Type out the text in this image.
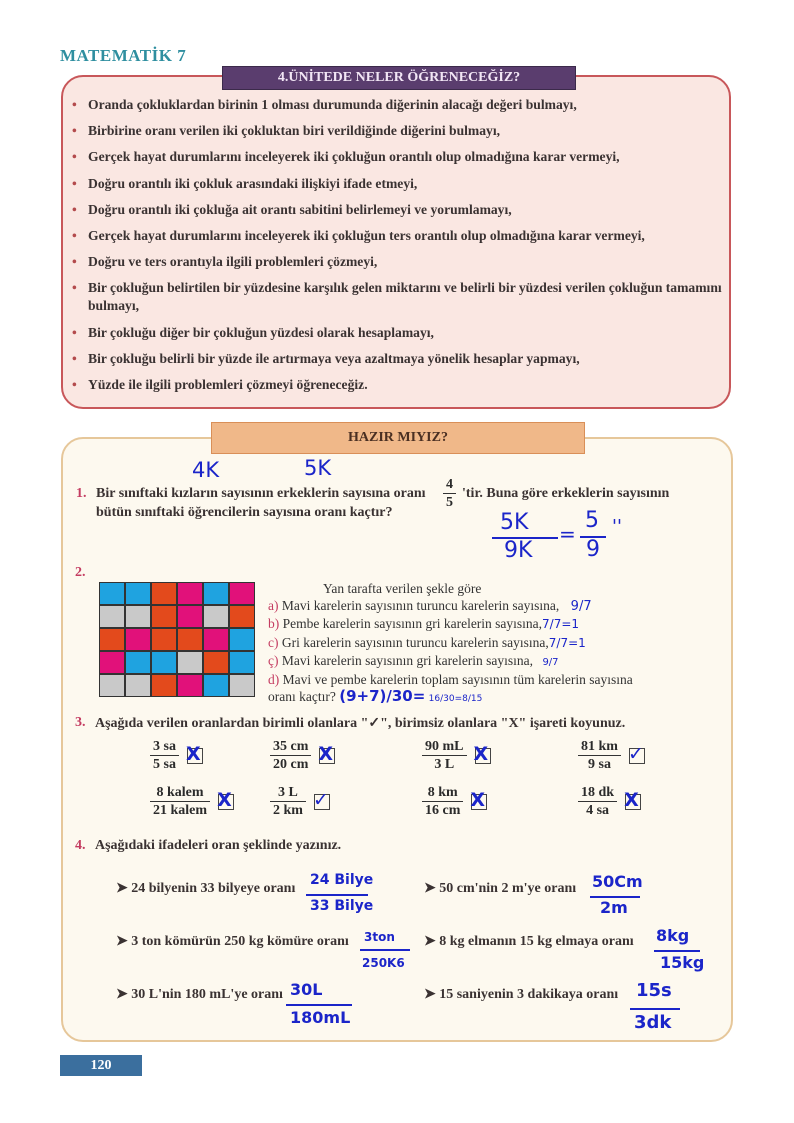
MATEMATİK 7
4.ÜNİTEDE NELER ÖĞRENECEĞİZ?
• Oranda çokluklardan birinin 1 olması durumunda diğerinin alacağı değeri bulmayı,
• Birbirine oranı verilen iki çokluktan biri verildiğinde diğerini bulmayı,
• Gerçek hayat durumlarını inceleyerek iki çokluğun orantılı olup olmadığına karar vermeyi,
• Doğru orantılı iki çokluk arasındaki ilişkiyi ifade etmeyi,
• Doğru orantılı iki çokluğa ait orantı sabitini belirlemeyi ve yorumlamayı,
• Gerçek hayat durumlarını inceleyerek iki çokluğun ters orantılı olup olmadığına karar vermeyi,
• Doğru ve ters orantıyla ilgili problemleri çözmeyi,
• Bir çokluğun belirtilen bir yüzdesine karşılık gelen miktarını ve belirli bir yüzdesi verilen çokluğun tamamını bulmayı,
• Bir çokluğu diğer bir çokluğun yüzdesi olarak hesaplamayı,
• Bir çokluğu belirli bir yüzde ile artırmaya veya azaltmaya yönelik hesaplar yapmayı,
• Yüzde ile ilgili problemleri çözmeyi öğreneceğiz.
HAZIR MIYIZ?
4K	5K
1. Bir sınıftaki kızların sayısının erkeklerin sayısına oranı $\frac{4}{5}$ 'tir. Buna göre erkeklerin sayısının
bütün sınıftaki öğrencilerin sayısına oranı kaçtır?	5K
9K
=
5
9
''
2.
Yan tarafta verilen şekle göre
a) Mavi karelerin sayısının turuncu karelerin sayısına, 9/7
b) Pembe karelerin sayısının gri karelerin sayısına,7/7=1
c) Gri karelerin sayısının turuncu karelerin sayısına,7/7=1
ç) Mavi karelerin sayısının gri karelerin sayısına, 9/7
d) Mavi ve pembe karelerin toplam sayısının tüm karelerin sayısına
oranı kaçtır? (9+7)/30= 16/30=8/15
3. Aşağıda verilen oranlardan birimli olanlara "✓", birimsiz olanlara "X" işareti koyunuz.
$\frac{3 sa}{5 sa}$ X	$\frac{35 cm}{20 cm}$ X	$\frac{90 mL}{3 L}$ X	$\frac{81 km}{9 sa}$ ✓
$\frac{\text{8 kalem}}{\text{21 kalem}}$ X	$\frac{3 L}{2 km}$ ✓	$\frac{8 km}{16 cm}$ X	$\frac{18 dk}{4 sa}$ X
4. Aşağıdaki ifadeleri oran şeklinde yazınız.
➤ 24 bilyenin 33 bilyeye oranı
24 Bilye
33 Bilye
➤ 50 cm'nin 2 m'ye oranı 50Cm
2m
➤ 3 ton kömürün 250 kg kömüre oranı 3ton
250K6
➤ 8 kg elmanın 15 kg elmaya oranı 8kg
15kg
➤ 30 L'nin 180 mL'ye oranı 30L
180mL
➤ 15 saniyenin 3 dakikaya oranı 15s
3dk
120
